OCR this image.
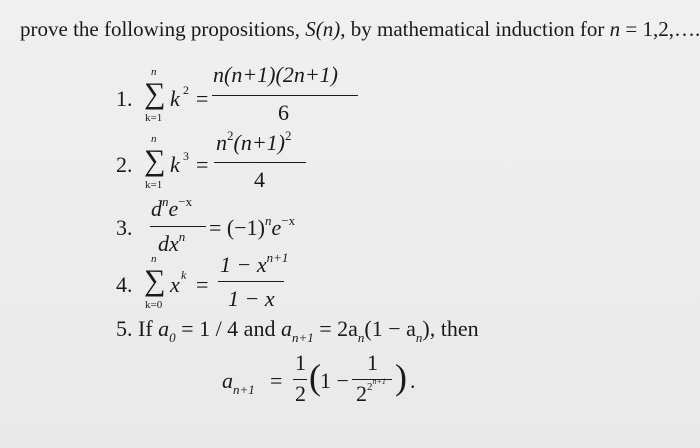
prove the following propositions, S(n), by mathematical induction for n = 1,2,….
1.
n
∑
k=1
k 2 =
n(n+1)(2n+1)
6
2.
n
∑
k=1
k 3 =
$n^2(n+1)^2$
4
3.
$d^ne^{-x}$
$dx^n = (-1)^ne^{-x}$
4.
n
∑
k=0
x k =
$1 - x^{n+1}$
1 − x
5. If $a_0 = 1 / 4$ and $a_{n+1} = 2a_n(1 - a_n)$, then
$a_{n+1}$ =
1
2 ( 1 −
1
$2^{2n+1}$ ) .
